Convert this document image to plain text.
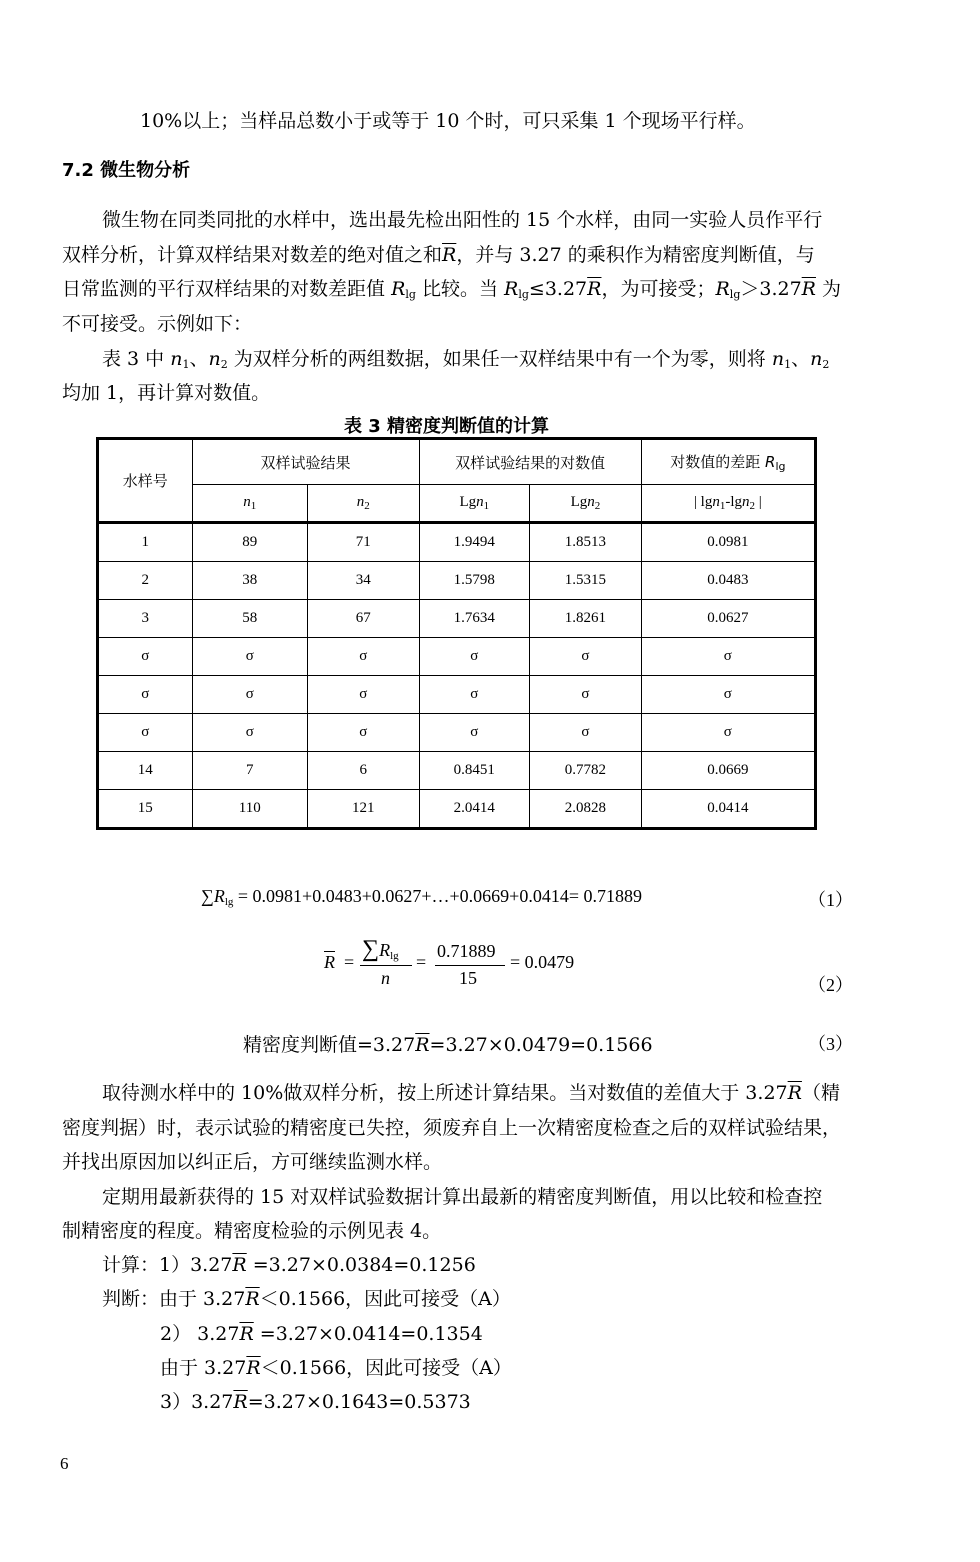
10%以上；当样品总数小于或等于 10 个时，可只采集 1 个现场平行样。
7.2 微生物分析
微生物在同类同批的水样中，选出最先检出阳性的 15 个水样，由同一实验人员作平行
双样分析，计算双样结果对数差的绝对值之和$\overline{R}$，并与 3.27 的乘积作为精密度判断值，与
日常监测的平行双样结果的对数差距值 $R_{lg}$ 比较。当 $R_{lg}\le 3.27\overline{R}$，为可接受；$R_{lg}>3.27\overline{R}$ 为
不可接受。示例如下：
表 3 中 $n_1$、$n_2$ 为双样分析的两组数据，如果任一双样结果中有一个为零，则将 $n_1$、$n_2$
均加 1，再计算对数值。
表 3 精密度判断值的计算
水样号	双样试验结果		双样试验结果的对数值		对数值的差距 $R_{lg}$
	$n_1$	$n_2$	Lgn$_1$	Lgn$_2$	| lgn$_1$-lgn$_2$ |
1	89	71	1.9494	1.8513	0.0981
2	38	34	1.5798	1.5315	0.0483
3	58	67	1.7634	1.8261	0.0627
σ	σ	σ	σ	σ	σ
σ	σ	σ	σ	σ	σ
σ	σ	σ	σ	σ	σ
14	7	6	0.8451	0.7782	0.0669
15	110	121	2.0414	2.0828	0.0414
$\sum R_{lg}$ = 0.0981+0.0483+0.0627+…+0.0669+0.0414= 0.71889	（1）
$\overline{R} = \sum R_{lg}$
n
=
0.71889
15
= 0.0479
（2）
精密度判断值$=3.27\overline{R}=3.27\times 0.0479=0.1566$	（3）
取待测水样中的 10%做双样分析，按上所述计算结果。当对数值的差值大于 $3.27\overline{R}$（精
密度判据）时，表示试验的精密度已失控，须废弃自上一次精密度检查之后的双样试验结果，
并找出原因加以纠正后，方可继续监测水样。
定期用最新获得的 15 对双样试验数据计算出最新的精密度判断值，用以比较和检查控
制精密度的程度。精密度检验的示例见表 4。
计算：$1)3.27\overline{R} =3.27\times 0.0384=0.1256$
判断：由于 $3.27\overline{R}<0.1566$，因此可接受（A）
2） $3.27\overline{R} =3.27\times 0.0414=0.1354$
由于 $3.27\overline{R}<0.1566$，因此可接受（A）
$3)3.27\overline{R}=3.27\times 0.1643=0.5373$
6
